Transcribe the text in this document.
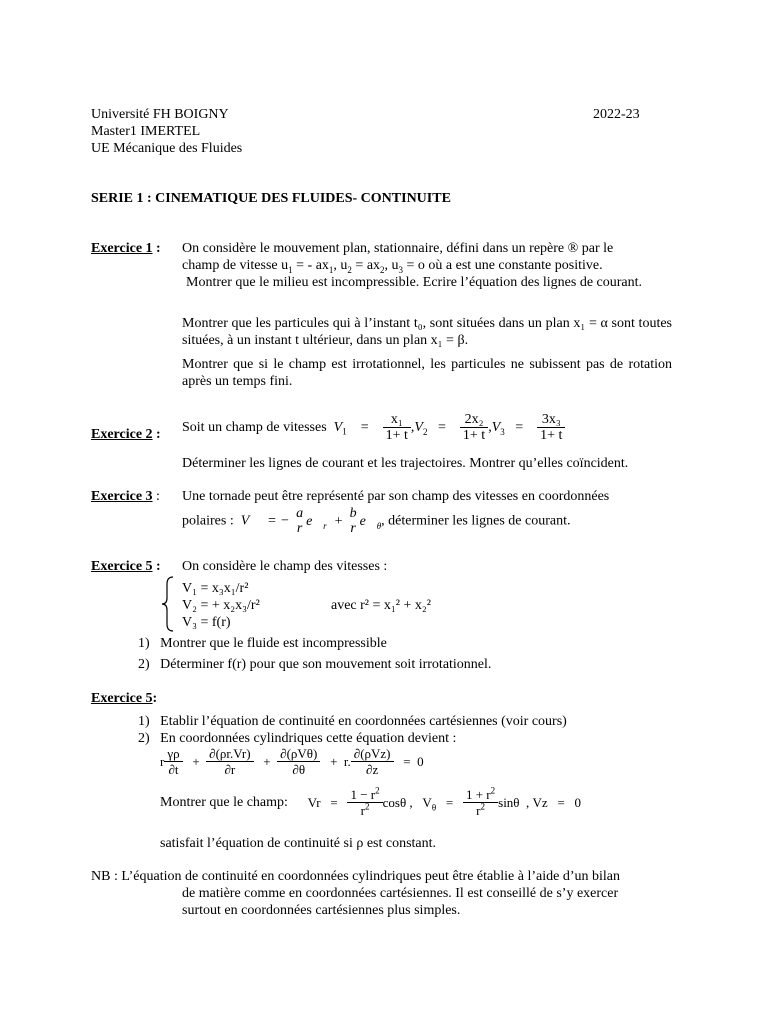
Université FH BOIGNY	2022-23
Master1 IMERTEL
UE Mécanique des Fluides
SERIE 1 : CINEMATIQUE DES FLUIDES- CONTINUITE
Exercice 1 : On considère le mouvement plan, stationnaire, défini dans un repère ® par le
champ de vitesse $u_1$ = - $ax_1$, $u_2 = ax_2$, $u_3 = o$ où a est une constante positive.
Montrer que le milieu est incompressible. Ecrire l’équation des lignes de courant.
Montrer que les particules qui à l’instant t₀, sont situées dans un plan x₁ = α sont toutes situées, à un instant t ultérieur, dans un plan x₁ = β.
Montrer que si le champ est irrotationnel, les particules ne subissent pas de rotation après un temps fini.
Exercice 2 : Soit un champ de vitesses  $V_1$    = $\frac{\text{x₁}}{1+ t} ,V_2 = \frac{\text{2x₂}}{1+ t} ,V_3 = \frac{\text{3x₃}}{1+ t}$
Déterminer les lignes de courant et les trajectoires. Montrer qu’elles coïncident.
Exercice 3 : Une tornade peut être représenté par son champ des vitesses en coordonnées
polaires :  V⃗  = − a
r $e⃗_r + b$
r $e⃗_\theta$, déterminer les lignes de courant.
Exercice 5 : On considère le champ des vitesses :
V₁ = x₃x₁/r²
V₂ = + x₂x₃/r²	avec r² = x₁² + x₂²
V₃ = f(r)
1)   Montrer que le fluide est incompressible
2)   Déterminer f(r) pour que son mouvement soit irrotationnel.
Exercice 5:
1)   Etablir l’équation de continuité en coordonnées cartésiennes (voir cours)
2)   En coordonnées cylindriques cette équation devient :
r $\frac{\gamma\rho}{\partial t} + \frac{\partial(\rho r.Vr)}{\partial r} + \frac{\text{∂(ρVθ)}}{\partial\theta} + r$. $\frac{\text{∂(ρVz)}}{\partial z} = 0$
Montrer que le champ:      $Vr = \frac{1 - r^2}{r^2}$ cosθ ,   $V_\theta = \frac{1 + r^2}{r^2}$ sinθ  , Vz   =   0
satisfait l’équation de continuité si ρ est constant.
NB : L’équation de continuité en coordonnées cylindriques peut être établie à l’aide d’un bilan
de matière comme en coordonnées cartésiennes. Il est conseillé de s’y exercer
surtout en coordonnées cartésiennes plus simples.
